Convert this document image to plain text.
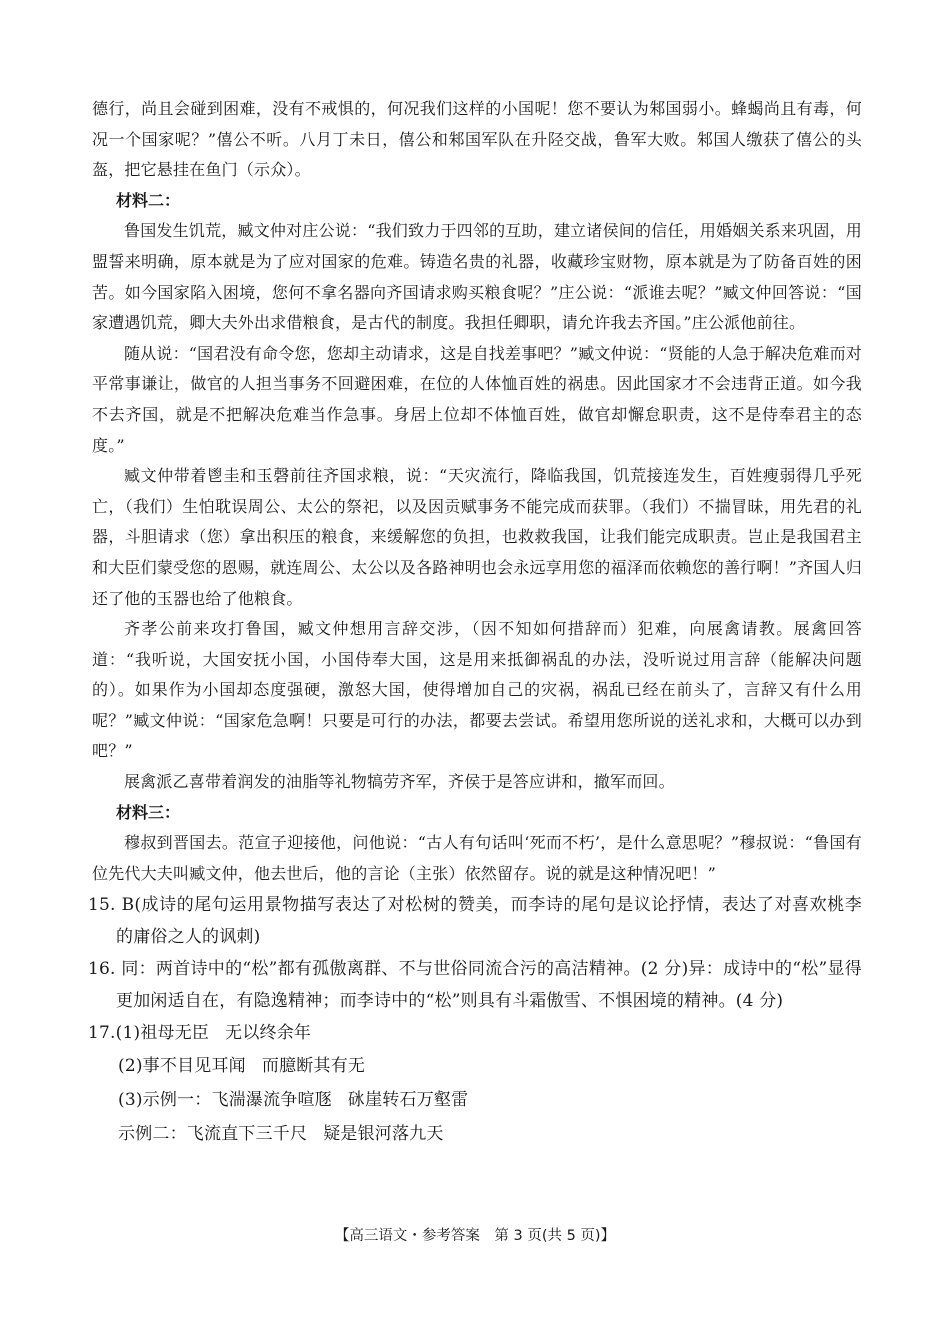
德行，尚且会碰到困难，没有不戒惧的，何况我们这样的小国呢！您不要认为邾国弱小。蜂蝎尚且有毒，何况一个国家呢？”僖公不听。八月丁未日，僖公和邾国军队在升陉交战，鲁军大败。邾国人缴获了僖公的头盔，把它悬挂在鱼门（示众）。

材料二：

鲁国发生饥荒，臧文仲对庄公说：“我们致力于四邻的互助，建立诸侯间的信任，用婚姻关系来巩固，用盟誓来明确，原本就是为了应对国家的危难。铸造名贵的礼器，收藏珍宝财物，原本就是为了防备百姓的困苦。如今国家陷入困境，您何不拿名器向齐国请求购买粮食呢？”庄公说：“派谁去呢？”臧文仲回答说：“国家遭遇饥荒，卿大夫外出求借粮食，是古代的制度。我担任卿职，请允许我去齐国。”庄公派他前往。

随从说：“国君没有命令您，您却主动请求，这是自找差事吧？”臧文仲说：“贤能的人急于解决危难而对平常事谦让，做官的人担当事务不回避困难，在位的人体恤百姓的祸患。因此国家才不会违背正道。如今我不去齐国，就是不把解决危难当作急事。身居上位却不体恤百姓，做官却懈怠职责，这不是侍奉君主的态度。”

臧文仲带着鬯圭和玉磬前往齐国求粮，说：“天灾流行，降临我国，饥荒接连发生，百姓瘦弱得几乎死亡，（我们）生怕耽误周公、太公的祭祀，以及因贡赋事务不能完成而获罪。（我们）不揣冒昧，用先君的礼器，斗胆请求（您）拿出积压的粮食，来缓解您的负担，也救救我国，让我们能完成职责。岂止是我国君主和大臣们蒙受您的恩赐，就连周公、太公以及各路神明也会永远享用您的福泽而依赖您的善行啊！”齐国人归还了他的玉器也给了他粮食。

齐孝公前来攻打鲁国，臧文仲想用言辞交涉，（因不知如何措辞而）犯难，向展禽请教。展禽回答道：“我听说，大国安抚小国，小国侍奉大国，这是用来抵御祸乱的办法，没听说过用言辞（能解决问题的）。如果作为小国却态度强硬，激怒大国，使得增加自己的灾祸，祸乱已经在前头了，言辞又有什么用呢？”臧文仲说：“国家危急啊！只要是可行的办法，都要去尝试。希望用您所说的送礼求和，大概可以办到吧？”

展禽派乙喜带着润发的油脂等礼物犒劳齐军，齐侯于是答应讲和，撤军而回。

材料三：

穆叔到晋国去。范宣子迎接他，问他说：“古人有句话叫‘死而不朽’，是什么意思呢？”穆叔说：“鲁国有位先代大夫叫臧文仲，他去世后，他的言论（主张）依然留存。说的就是这种情况吧！”

15. B(成诗的尾句运用景物描写表达了对松树的赞美，而李诗的尾句是议论抒情，表达了对喜欢桃李的庸俗之人的讽刺)

16. 同：两首诗中的“松”都有孤傲离群、不与世俗同流合污的高洁精神。(2 分)异：成诗中的“松”显得更加闲适自在，有隐逸精神；而李诗中的“松”则具有斗霜傲雪、不惧困境的精神。(4 分)

17.(1)祖母无臣 无以终余年

(2)事不目见耳闻 而臆断其有无

(3)示例一：飞湍瀑流争喧豗 砯崖转石万壑雷

示例二：飞流直下三千尺 疑是银河落九天

【高三语文・参考答案　第 3 页(共 5 页)】
